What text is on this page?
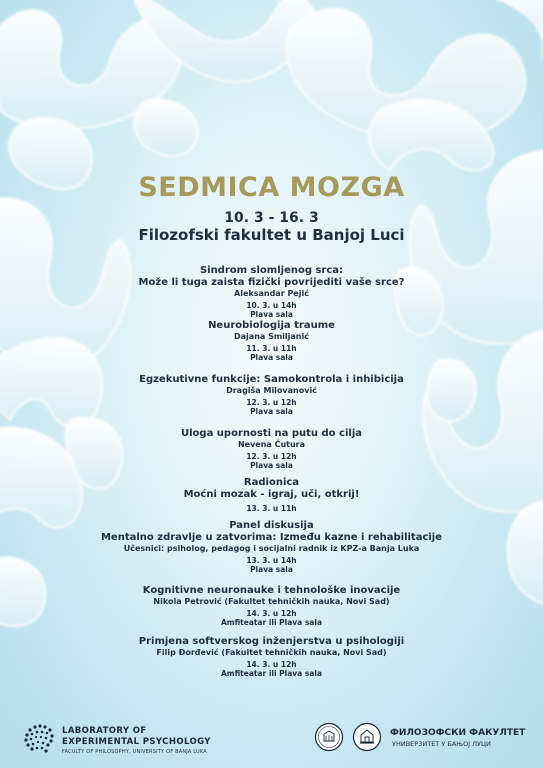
SEDMICA MOZGA
10. 3 - 16. 3
Filozofski fakultet u Banjoj Luci
Sindrom slomljenog srca:
Može li tuga zaista fizički povrijediti vaše srce?
Aleksandar Pejić
10. 3. u 14h
Plava sala
Neurobiologija traume
Dajana Smiljanić
11. 3. u 11h
Plava sala
Egzekutivne funkcije: Samokontrola i inhibicija
Dragiša Milovanović
12. 3. u 12h
Plava sala
Uloga upornosti na putu do cilja
Nevena Čutura
12. 3. u 12h
Plava sala
Radionica
Moćni mozak - igraj, uči, otkrij!
13. 3. u 11h
Panel diskusija
Mentalno zdravlje u zatvorima: Između kazne i rehabilitacije
Učesnici: psiholog, pedagog i socijalni radnik iz KPZ-a Banja Luka
13. 3. u 14h
Plava sala
Kognitivne neuronauke i tehnološke inovacije
Nikola Petrović (Fakultet tehničkih nauka, Novi Sad)
14. 3. u 12h
Amfiteatar ili Plava sala
Primjena softverskog inženjerstva u psihologiji
Filip Đorđević (Fakultet tehničkih nauka, Novi Sad)
14. 3. u 12h
Amfiteatar ili Plava sala
LABORATORY OF
EXPERIMENTAL PSYCHOLOGY
FACULTY OF PHILOSOPHY, UNIVERSITY OF BANJA LUKA
ФИЛОЗОФСКИ ФАКУЛТЕТ
УНИВЕРЗИТЕТ У БАЊОЈ ЛУЦИ
